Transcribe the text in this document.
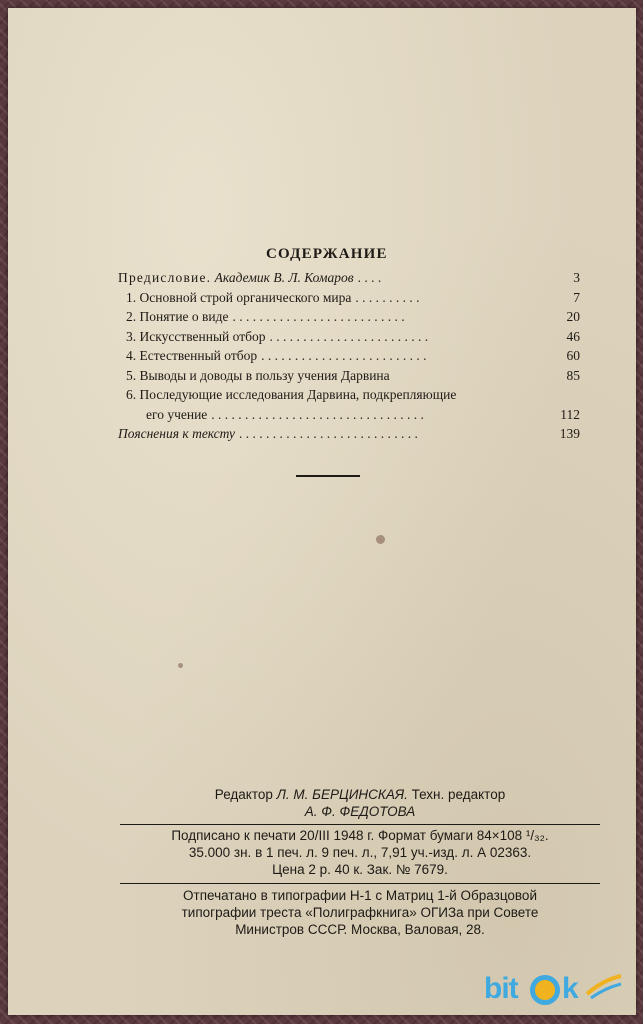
СОДЕРЖАНИЕ
Предисловие. Академик В. Л. Комаров . . . .	3
1. Основной строй органического мира . . . . . . . . . .	7
2. Понятие о виде . . . . . . . . . . . . . . . . . . . . . . . . . .	20
3. Искусственный отбор . . . . . . . . . . . . . . . . . . . . . . . .	46
4. Естественный отбор . . . . . . . . . . . . . . . . . . . . . . . . .	60
5. Выводы и доводы в пользу учения Дарвина	85
6. Последующие исследования Дарвина, подкрепляющие
его учение . . . . . . . . . . . . . . . . . . . . . . . . . . . . . . . .	112
Пояснения к тексту . . . . . . . . . . . . . . . . . . . . . . . . . . .	139
Редактор Л. М. БЕРЦИНСКАЯ. Техн. редактор
А. Ф. ФЕДОТОВА
Подписано к печати 20/III 1948 г. Формат бумаги 84×108 ¹/₃₂.
35.000 зн. в 1 печ. л. 9 печ. л., 7,91 уч.-изд. л. А 02363.
Цена 2 р. 40 к. Зак. № 7679.
Отпечатано в типографии Н-1 с Матриц 1-й Образцовой
типографии треста «Полиграфкнига» ОГИЗа при Совете
Министров СССР. Москва, Валовая, 28.
bit k
